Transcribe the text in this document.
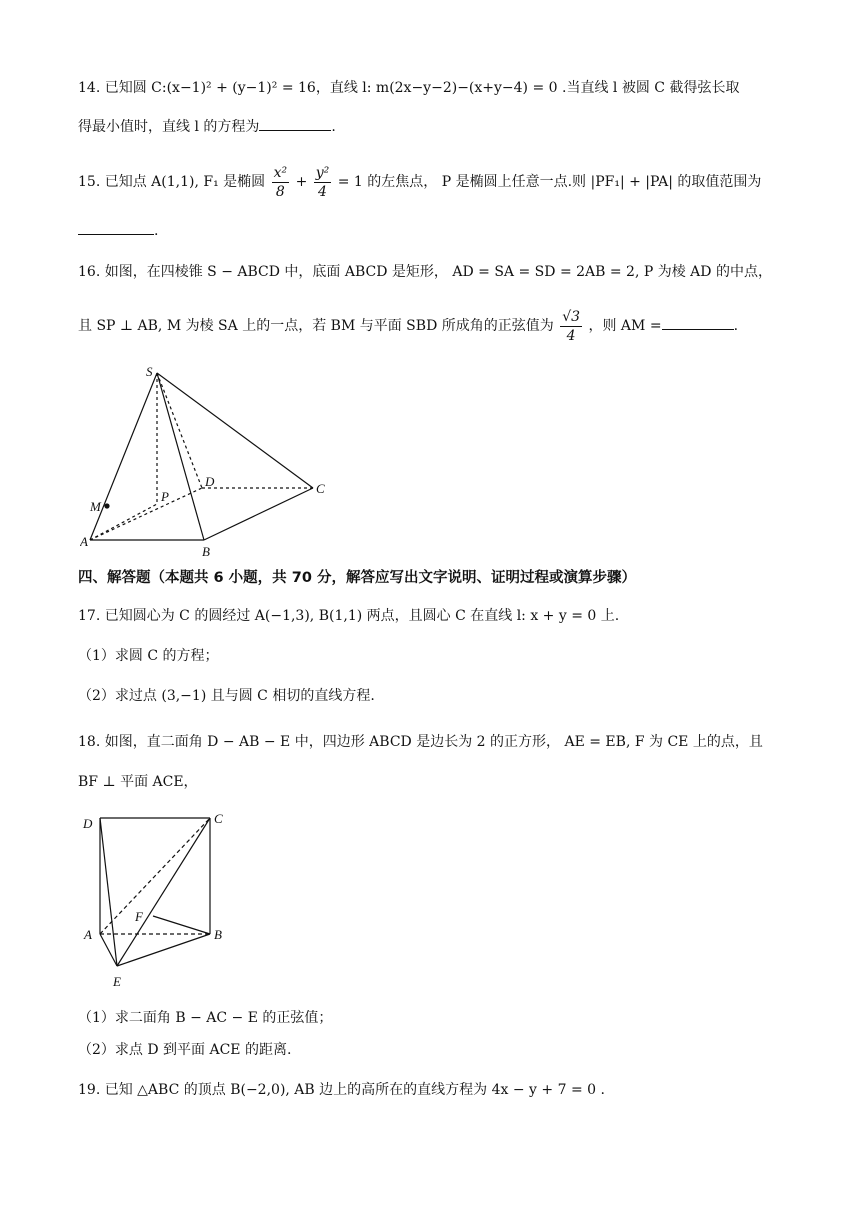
14. 已知圆 C:(x−1)² + (y−1)² = 16，直线 l: m(2x−y−2)−(x+y−4) = 0 .当直线 l 被圆 C 截得弦长取
得最小值时，直线 l 的方程为	.
15. 已知点 A(1,1), F₁ 是椭圆 $\frac{\text{x²}}{8} + \frac{\text{y²}}{4} = 1$ 的左焦点， P 是椭圆上任意一点.则 |PF₁| + |PA| 的取值范围为
.
16. 如图，在四棱锥 S − ABCD 中，底面 ABCD 是矩形， AD = SA = SD = 2AB = 2, P 为棱 AD 的中点，
且 SP ⊥ AB, M 为棱 SA 上的一点，若 BM 与平面 SBD 所成角的正弦值为 $\frac{√3}{4}$ ，则 AM =	.
S
D	C
M
P
A
B
四、解答题（本题共 6 小题，共 70 分，解答应写出文字说明、证明过程或演算步骤）
17. 已知圆心为 C 的圆经过 A(−1,3), B(1,1) 两点，且圆心 C 在直线 l: x + y = 0 上.
（1）求圆 C 的方程；
（2）求过点 (3,−1) 且与圆 C 相切的直线方程.
18. 如图，直二面角 D − AB − E 中，四边形 ABCD 是边长为 2 的正方形， AE = EB, F 为 CE 上的点，且
BF ⊥ 平面 ACE，
D	C
F
A	B
E
（1）求二面角 B − AC − E 的正弦值；
（2）求点 D 到平面 ACE 的距离.
19. 已知 △ABC 的顶点 B(−2,0), AB 边上的高所在的直线方程为 4x − y + 7 = 0 .
